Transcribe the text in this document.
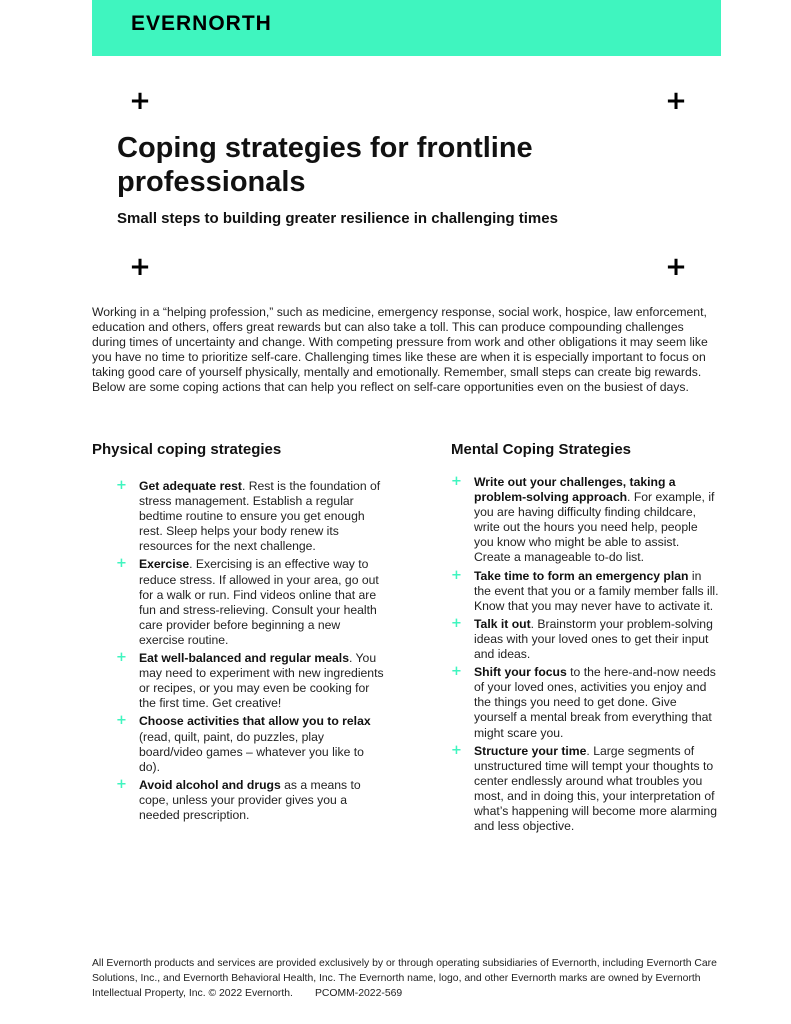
EVERNORTH
+	+
+	+
Coping strategies for frontline professionals

Small steps to building greater resilience in challenging times

Working in a “helping profession,” such as medicine, emergency response, social work, hospice, law enforcement, education and others, offers great rewards but can also take a toll. This can produce compounding challenges during times of uncertainty and change. With competing pressure from work and other obligations it may seem like you have no time to prioritize self-care. Challenging times like these are when it is especially important to focus on taking good care of yourself physically, mentally and emotionally. Remember, small steps can create big rewards. Below are some coping actions that can help you reflect on self-care opportunities even on the busiest of days.

Physical coping strategies
+ Get adequate rest. Rest is the foundation of stress management. Establish a regular bedtime routine to ensure you get enough rest. Sleep helps your body renew its resources for the next challenge.
+ Exercise. Exercising is an effective way to reduce stress. If allowed in your area, go out for a walk or run. Find videos online that are fun and stress-relieving. Consult your health care provider before beginning a new exercise routine.
+ Eat well-balanced and regular meals. You may need to experiment with new ingredients or recipes, or you may even be cooking for the first time. Get creative!
+ Choose activities that allow you to relax (read, quilt, paint, do puzzles, play board/video games – whatever you like to do).
+ Avoid alcohol and drugs as a means to cope, unless your provider gives you a needed prescription.
Mental Coping Strategies
+ Write out your challenges, taking a problem-solving approach. For example, if you are having difficulty finding childcare, write out the hours you need help, people you know who might be able to assist. Create a manageable to-do list.
+ Take time to form an emergency plan in the event that you or a family member falls ill. Know that you may never have to activate it.
+ Talk it out. Brainstorm your problem-solving ideas with your loved ones to get their input and ideas.
+ Shift your focus to the here-and-now needs of your loved ones, activities you enjoy and the things you need to get done. Give yourself a mental break from everything that might scare you.
+ Structure your time. Large segments of unstructured time will tempt your thoughts to center endlessly around what troubles you most, and in doing this, your interpretation of what’s happening will become more alarming and less objective.

All Evernorth products and services are provided exclusively by or through operating subsidiaries of Evernorth, including Evernorth Care Solutions, Inc., and Evernorth Behavioral Health, Inc. The Evernorth name, logo, and other Evernorth marks are owned by Evernorth Intellectual Property, Inc. © 2022 Evernorth. PCOMM-2022-569
